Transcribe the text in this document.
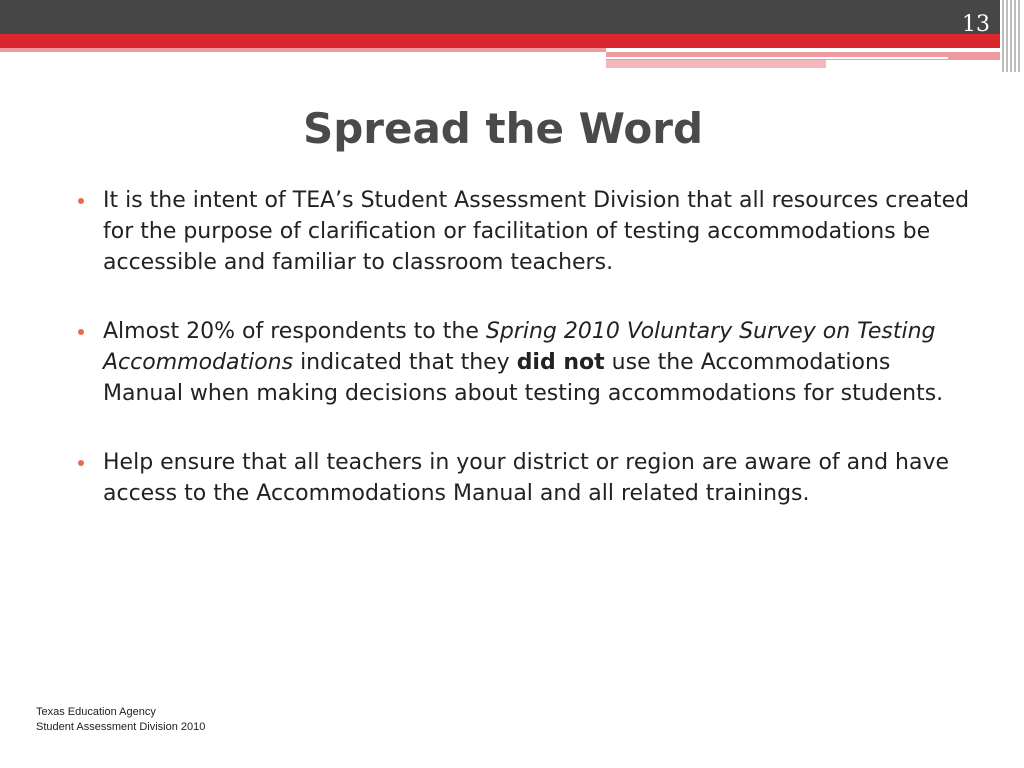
13
Spread the Word
It is the intent of TEA’s Student Assessment Division that all resources created for the purpose of clarification or facilitation of testing accommodations be accessible and familiar to classroom teachers.
Almost 20% of respondents to the Spring 2010 Voluntary Survey on Testing Accommodations indicated that they did not use the Accommodations Manual when making decisions about testing accommodations for students.
Help ensure that all teachers in your district or region are aware of and have access to the Accommodations Manual and all related trainings.
Texas Education Agency
Student Assessment Division 2010
